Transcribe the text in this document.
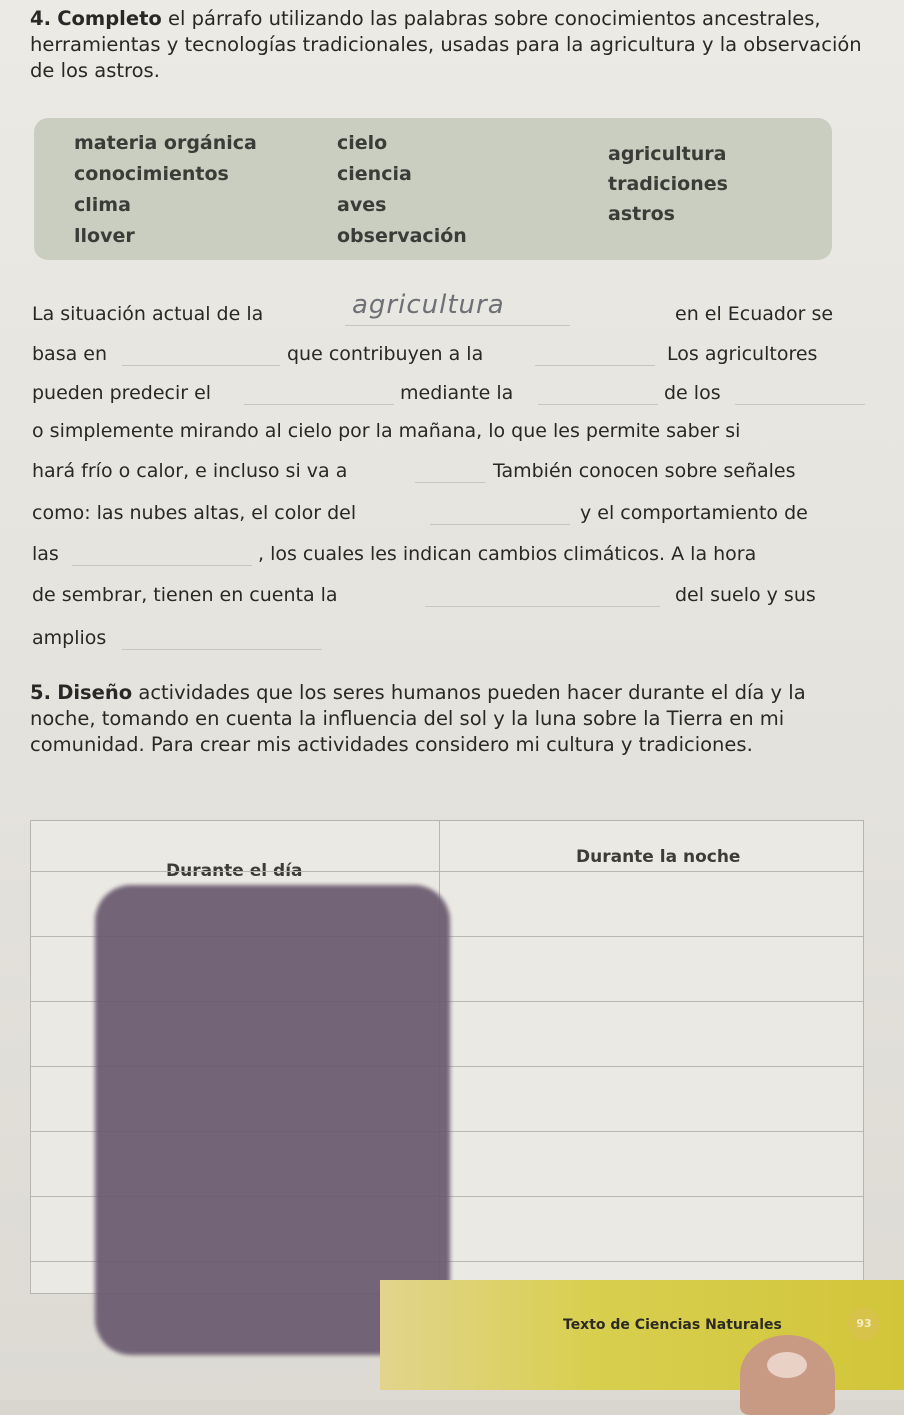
4. Completo el párrafo utilizando las palabras sobre conocimientos ancestrales, herramientas y tecnologías tradicionales, usadas para la agricultura y la observación de los astros.
materia orgánica
conocimientos
clima
llover
cielo
ciencia
aves
observación
agricultura
tradiciones
astros
La situación actual de la	agricultura	en el Ecuador se
basa en	que contribuyen a la	Los agricultores
pueden predecir el	mediante la	de los
o simplemente mirando al cielo por la mañana, lo que les permite saber si
hará frío o calor, e incluso si va a	También conocen sobre señales
como: las nubes altas, el color del	y el comportamiento de
las	, los cuales les indican cambios climáticos. A la hora
de sembrar, tienen en cuenta la	del suelo y sus
amplios
5. Diseño actividades que los seres humanos pueden hacer durante el día y la noche, tomando en cuenta la influencia del sol y la luna sobre la Tierra en mi comunidad. Para crear mis actividades considero mi cultura y tradiciones.
Durante el día
Durante la noche
Texto de Ciencias Naturales	93
